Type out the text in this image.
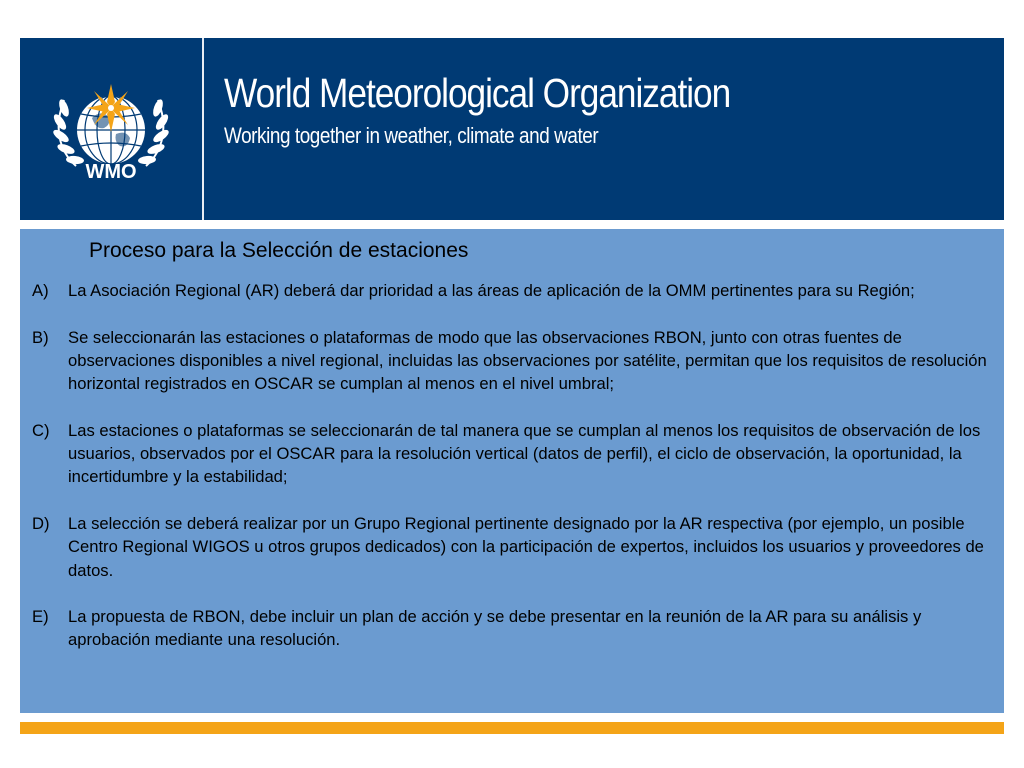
WMO
World Meteorological Organization
Working together in weather, climate and water
Proceso para la Selección de estaciones
A) La Asociación Regional (AR) deberá dar prioridad a las áreas de aplicación de la OMM pertinentes para su Región;
B) Se seleccionarán las estaciones o plataformas de modo que las observaciones RBON, junto con otras fuentes de observaciones disponibles a nivel regional, incluidas las observaciones por satélite, permitan que los requisitos de resolución horizontal registrados en OSCAR se cumplan al menos en el nivel umbral;
C) Las estaciones o plataformas se seleccionarán de tal manera que se cumplan al menos los requisitos de observación de los usuarios, observados por el OSCAR para la resolución vertical (datos de perfil), el ciclo de observación, la oportunidad, la incertidumbre y la estabilidad;
D) La selección se deberá realizar por un Grupo Regional pertinente designado por la AR respectiva (por ejemplo, un posible Centro Regional WIGOS u otros grupos dedicados) con la participación de expertos, incluidos los usuarios y proveedores de datos.
E) La propuesta de RBON, debe incluir un plan de acción y se debe presentar en la reunión de la AR para su análisis y aprobación mediante una resolución.
